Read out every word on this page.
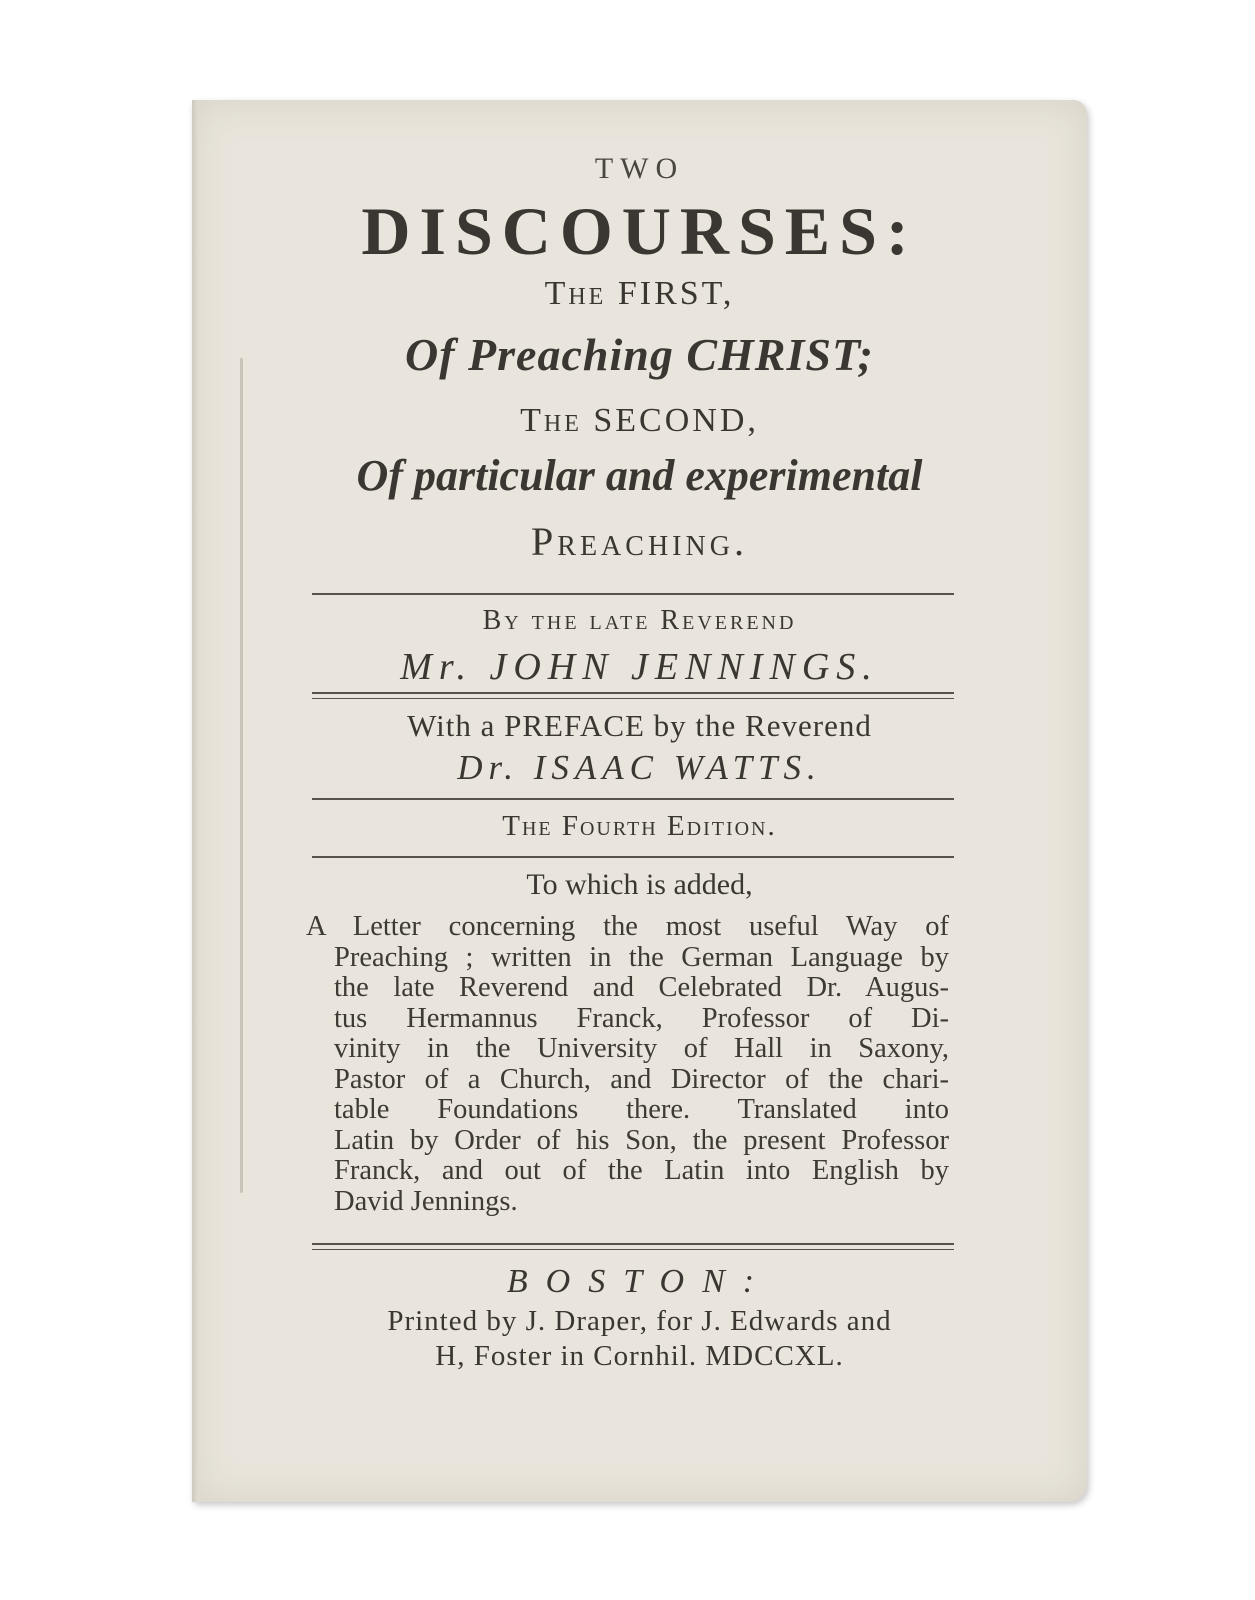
TWO
DISCOURSES:
The FIRST,
Of Preaching CHRIST;
The SECOND,
Of particular and experimental
Preaching.
By the late Reverend
Mr. JOHN JENNINGS.
With a PREFACE by the Reverend
Dr. ISAAC WATTS.
The Fourth Edition.
To which is added,
A Letter concerning the most useful Way of
Preaching ; written in the German Language by
the late Reverend and Celebrated Dr. Augus-
tus Hermannus Franck, Professor of Di-
vinity in the University of Hall in Saxony,
Pastor of a Church, and Director of the chari-
table Foundations there. Translated into
Latin by Order of his Son, the present Professor
Franck, and out of the Latin into English by
David Jennings.
BOSTON:
Printed by J. Draper, for J. Edwards and
H, Foster in Cornhil. MDCCXL.
